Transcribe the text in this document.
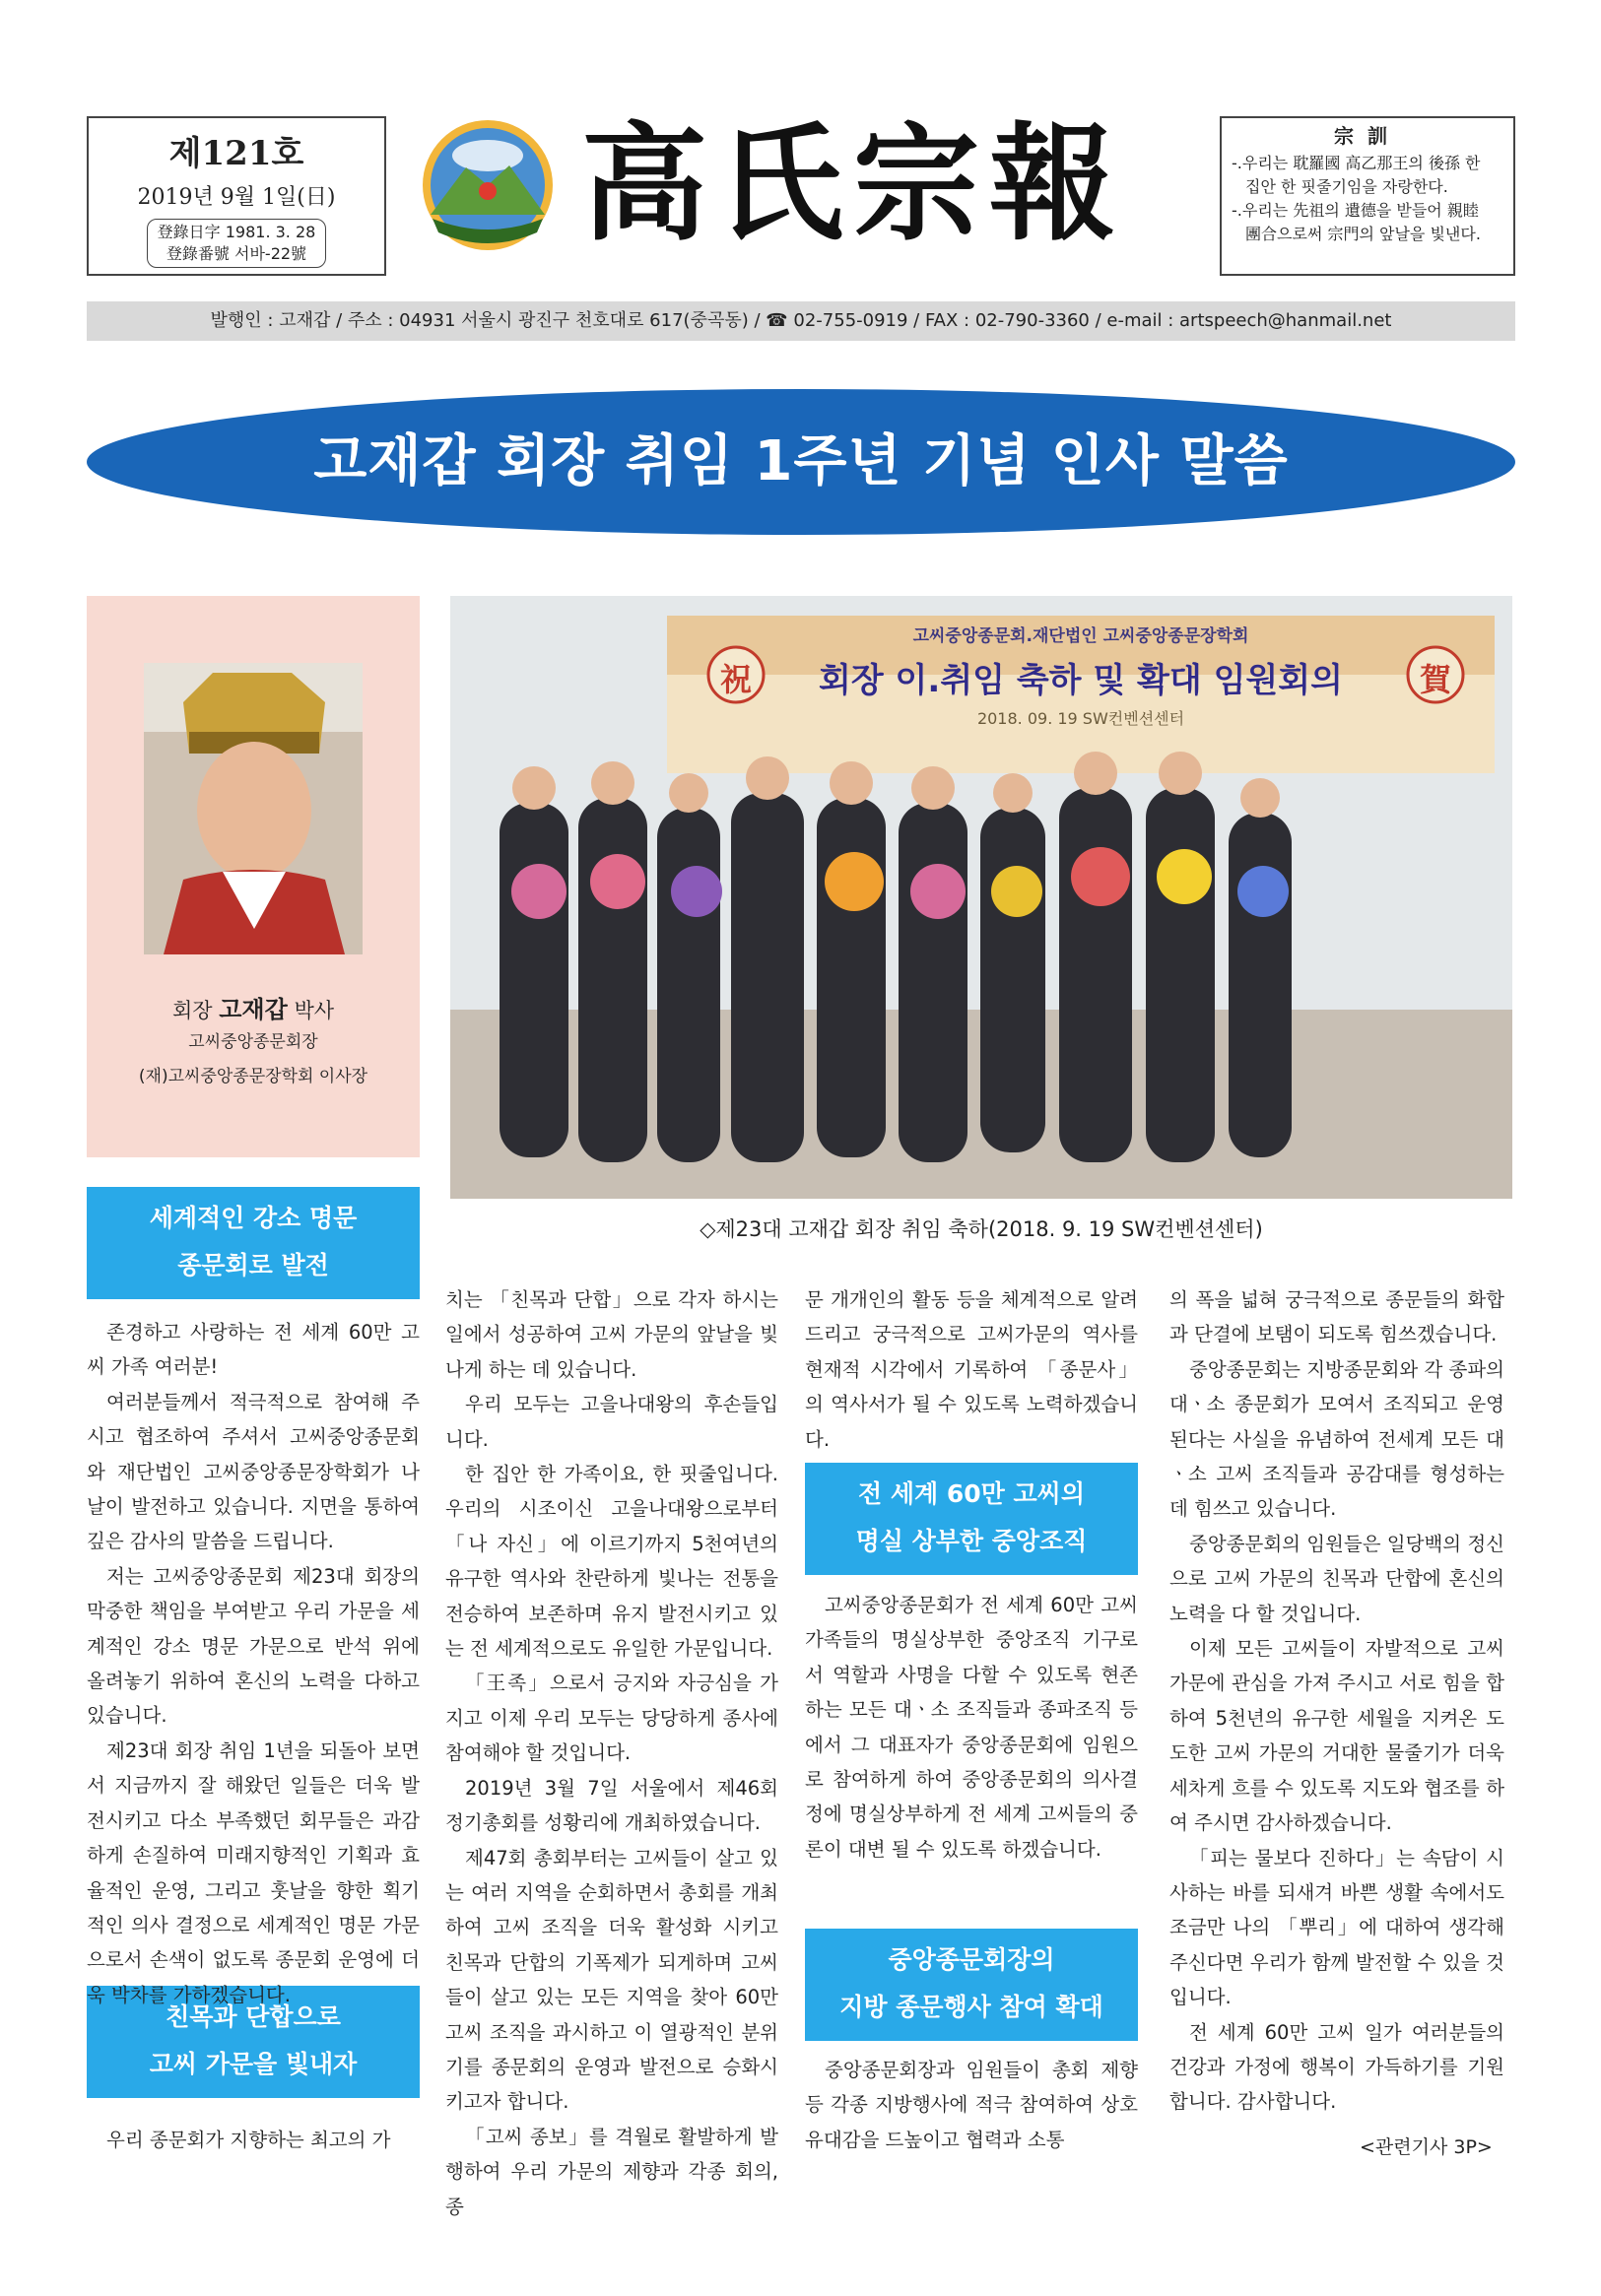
제121호
2019년 9월 1일(日)
登錄日字 1981. 3. 28
登錄番號 서바-22號 高氏宗報	宗訓
-.우리는 耽羅國 高乙那王의 後孫 한
집안 한 핏줄기임을 자랑한다.
-.우리는 先祖의 遺德을 받들어 親睦
團合으로써 宗門의 앞날을 빛낸다.
발행인 : 고재갑 / 주소 : 04931 서울시 광진구 천호대로 617(중곡동) / ☎ 02-755-0919 / FAX : 02-790-3360 / e-mail : artspeech@hanmail.net
고재갑 회장 취임 1주년 기념 인사 말씀
회장 고재갑 박사
고씨중앙종문회장
(재)고씨중앙종문장학회 이사장
고씨중앙종문회.재단법인 고씨중앙종문장학회
회장 이.취임 축하 및 확대 임원회의
2018. 09. 19 SW컨벤션센터
祝	賀
◇제23대 고재갑 회장 취임 축하(2018. 9. 19 SW컨벤션센터)
세계적인 강소 명문
종문회로 발전
친목과 단합으로
고씨 가문을 빛내자
전 세계 60만 고씨의
명실 상부한 중앙조직
중앙종문회장의
지방 종문행사 참여 확대

존경하고 사랑하는 전 세계 60만 고씨 가족 여러분!

여러분들께서 적극적으로 참여해 주시고 협조하여 주셔서 고씨중앙종문회와 재단법인 고씨중앙종문장학회가 나날이 발전하고 있습니다. 지면을 통하여 깊은 감사의 말씀을 드립니다.

저는 고씨중앙종문회 제23대 회장의 막중한 책임을 부여받고 우리 가문을 세계적인 강소 명문 가문으로 반석 위에 올려놓기 위하여 혼신의 노력을 다하고 있습니다.

제23대 회장 취임 1년을 되돌아 보면서 지금까지 잘 해왔던 일들은 더욱 발전시키고 다소 부족했던 회무들은 과감하게 손질하여 미래지향적인 기획과 효율적인 운영, 그리고 훗날을 향한 획기적인 의사 결정으로 세계적인 명문 가문으로서 손색이 없도록 종문회 운영에 더욱 박차를 가하겠습니다.

우리 종문회가 지향하는 최고의 가

치는 「친목과 단합」으로 각자 하시는 일에서 성공하여 고씨 가문의 앞날을 빛나게 하는 데 있습니다.

우리 모두는 고을나대왕의 후손들입니다.

한 집안 한 가족이요, 한 핏줄입니다. 우리의 시조이신 고을나대왕으로부터 「나 자신」에 이르기까지 5천여년의 유구한 역사와 찬란하게 빛나는 전통을 전승하여 보존하며 유지 발전시키고 있는 전 세계적으로도 유일한 가문입니다.

「王족」으로서 긍지와 자긍심을 가지고 이제 우리 모두는 당당하게 종사에 참여해야 할 것입니다.

2019년 3월 7일 서울에서 제46회 정기총회를 성황리에 개최하였습니다.

제47회 총회부터는 고씨들이 살고 있는 여러 지역을 순회하면서 총회를 개최하여 고씨 조직을 더욱 활성화 시키고 친목과 단합의 기폭제가 되게하며 고씨들이 살고 있는 모든 지역을 찾아 60만 고씨 조직을 과시하고 이 열광적인 분위기를 종문회의 운영과 발전으로 승화시키고자 합니다.

「고씨 종보」를 격월로 활발하게 발행하여 우리 가문의 제향과 각종 회의, 종

문 개개인의 활동 등을 체계적으로 알려드리고 궁극적으로 고씨가문의 역사를 현재적 시각에서 기록하여 「종문사」의 역사서가 될 수 있도록 노력하겠습니다.

고씨중앙종문회가 전 세계 60만 고씨 가족들의 명실상부한 중앙조직 기구로서 역할과 사명을 다할 수 있도록 현존하는 모든 대ㆍ소 조직들과 종파조직 등에서 그 대표자가 중앙종문회에 임원으로 참여하게 하여 중앙종문회의 의사결정에 명실상부하게 전 세계 고씨들의 중론이 대변 될 수 있도록 하겠습니다.

중앙종문회장과 임원들이 총회 제향 등 각종 지방행사에 적극 참여하여 상호 유대감을 드높이고 협력과 소통

의 폭을 넓혀 궁극적으로 종문들의 화합과 단결에 보탬이 되도록 힘쓰겠습니다.

중앙종문회는 지방종문회와 각 종파의 대ㆍ소 종문회가 모여서 조직되고 운영된다는 사실을 유념하여 전세계 모든 대ㆍ소 고씨 조직들과 공감대를 형성하는 데 힘쓰고 있습니다.

중앙종문회의 임원들은 일당백의 정신으로 고씨 가문의 친목과 단합에 혼신의 노력을 다 할 것입니다.

이제 모든 고씨들이 자발적으로 고씨 가문에 관심을 가져 주시고 서로 힘을 합하여 5천년의 유구한 세월을 지켜온 도도한 고씨 가문의 거대한 물줄기가 더욱 세차게 흐를 수 있도록 지도와 협조를 하여 주시면 감사하겠습니다.

「피는 물보다 진하다」는 속담이 시사하는 바를 되새겨 바쁜 생활 속에서도 조금만 나의 「뿌리」에 대하여 생각해 주신다면 우리가 함께 발전할 수 있을 것입니다.

전 세계 60만 고씨 일가 여러분들의 건강과 가정에 행복이 가득하기를 기원합니다. 감사합니다.

<관련기사 3P>
